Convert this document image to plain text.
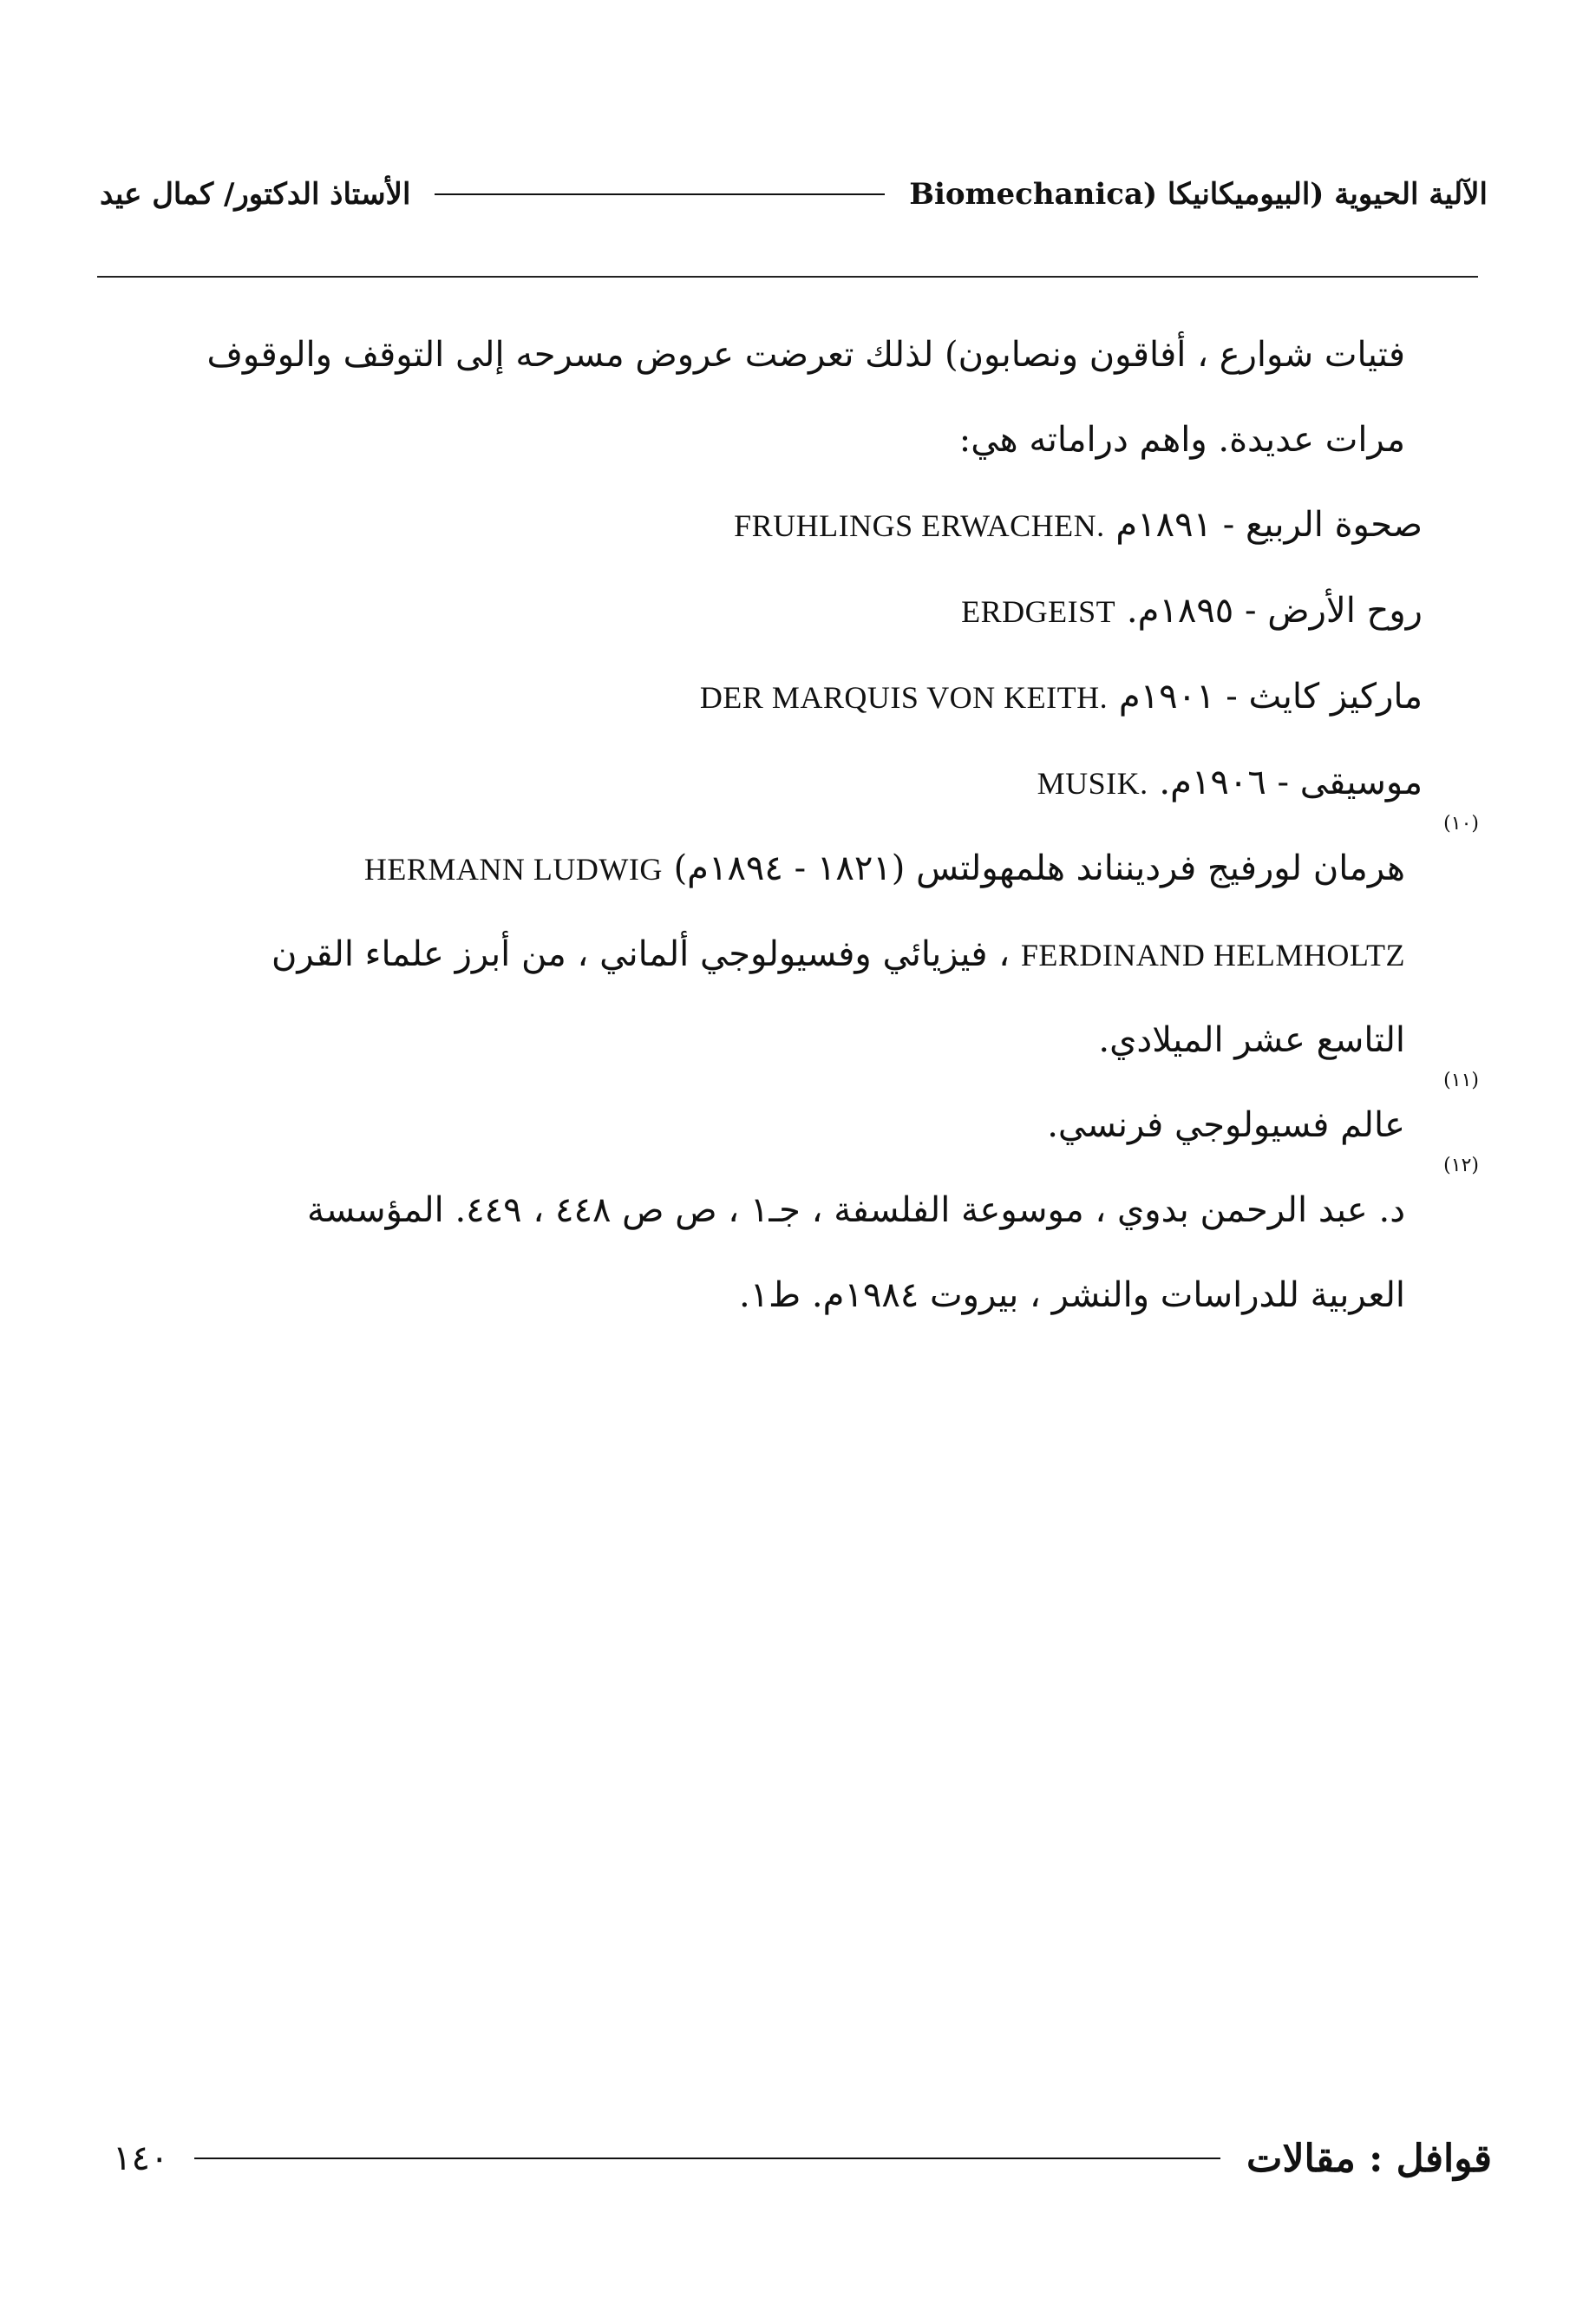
الآلية الحيوية (البيوميكانيكا Biomechanica)
الأستاذ الدكتور/ كمال عيد
فتيات شوارع ، أفاقون ونصابون) لذلك تعرضت عروض مسرحه إلى التوقف والوقوف
مرات عديدة. واهم دراماته هي:
صحوة الربيع - ١٨٩١م FRUHLINGS ERWACHEN.
روح الأرض - ١٨٩٥م. ERDGEIST
ماركيز كايث - ١٩٠١م DER MARQUIS VON KEITH.
موسيقى - ١٩٠٦م. MUSIK.
(١٠)
هرمان لورفيج فردينناند هلمهولتس (١٨٢١ - ١٨٩٤م) HERMANN LUDWIG
FERDINAND HELMHOLTZ ، فيزيائي وفسيولوجي ألماني ، من أبرز علماء القرن
التاسع عشر الميلادي.
(١١)
عالم فسيولوجي فرنسي.
(١٢)
د. عبد الرحمن بدوي ، موسوعة الفلسفة ، جـ١ ، ص ص ٤٤٨ ، ٤٤٩. المؤسسة
العربية للدراسات والنشر ، بيروت ١٩٨٤م. ط١.
قوافل : مقالات
١٤٠
